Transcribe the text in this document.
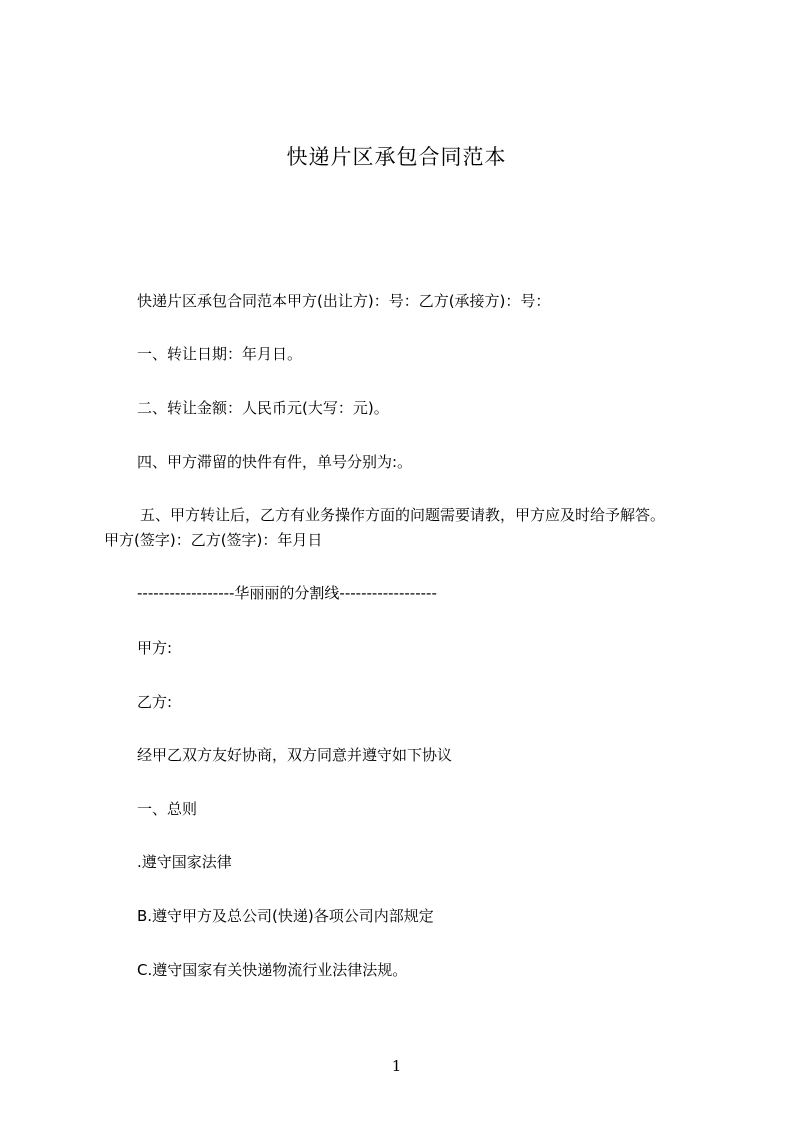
快递片区承包合同范本
快递片区承包合同范本甲方(出让方)：号：乙方(承接方)：号：
一、转让日期：年月日。
二、转让金额：人民币元(大写：元)。
四、甲方滞留的快件有件，单号分别为:。
五、甲方转让后，乙方有业务操作方面的问题需要请教，甲方应及时给予解答。
甲方(签字)：乙方(签字)：年月日
------------------华丽丽的分割线------------------
甲方:
乙方:
经甲乙双方友好协商，双方同意并遵守如下协议
一、总则
.遵守国家法律
B.遵守甲方及总公司(快递)各项公司内部规定
C.遵守国家有关快递物流行业法律法规。
1
